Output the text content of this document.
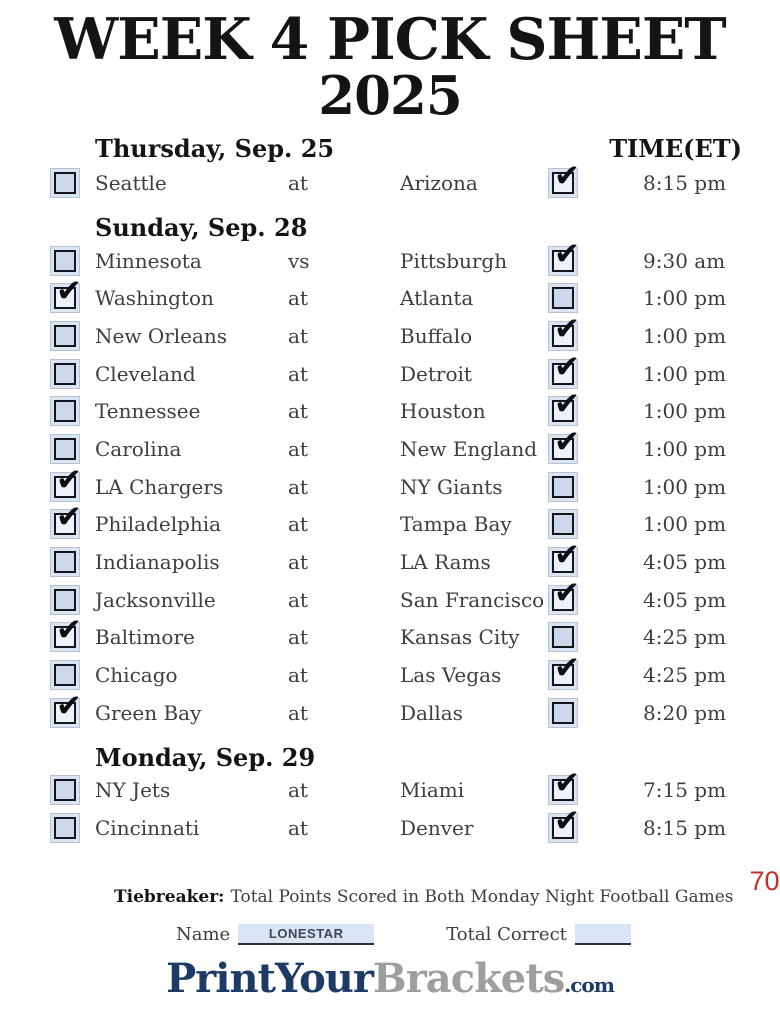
WEEK 4 PICK SHEET
2025
Thursday, Sep. 25	TIME(ET)
Seattle	at	Arizona	✔	8:15 pm
Sunday, Sep. 28
Minnesota	vs	Pittsburgh	✔	9:30 am
✔ Washington	at	Atlanta	1:00 pm
New Orleans	at	Buffalo	✔	1:00 pm
Cleveland	at	Detroit	✔	1:00 pm
Tennessee	at	Houston	✔	1:00 pm
Carolina	at	New England ✔	1:00 pm
✔ LA Chargers	at	NY Giants	1:00 pm
✔ Philadelphia	at	Tampa Bay	1:00 pm
Indianapolis	at	LA Rams	✔	4:05 pm
Jacksonville	at	San Francisco ✔	4:05 pm
✔ Baltimore	at	Kansas City	4:25 pm
Chicago	at	Las Vegas	✔	4:25 pm
✔ Green Bay	at	Dallas	8:20 pm
Monday, Sep. 29
NY Jets	at	Miami	✔	7:15 pm
Cincinnati	at	Denver	✔	8:15 pm
Tiebreaker: Total Points Scored in Both Monday Night Football Games
70
Name	LONESTAR	Total Correct
PrintYourBrackets.com
